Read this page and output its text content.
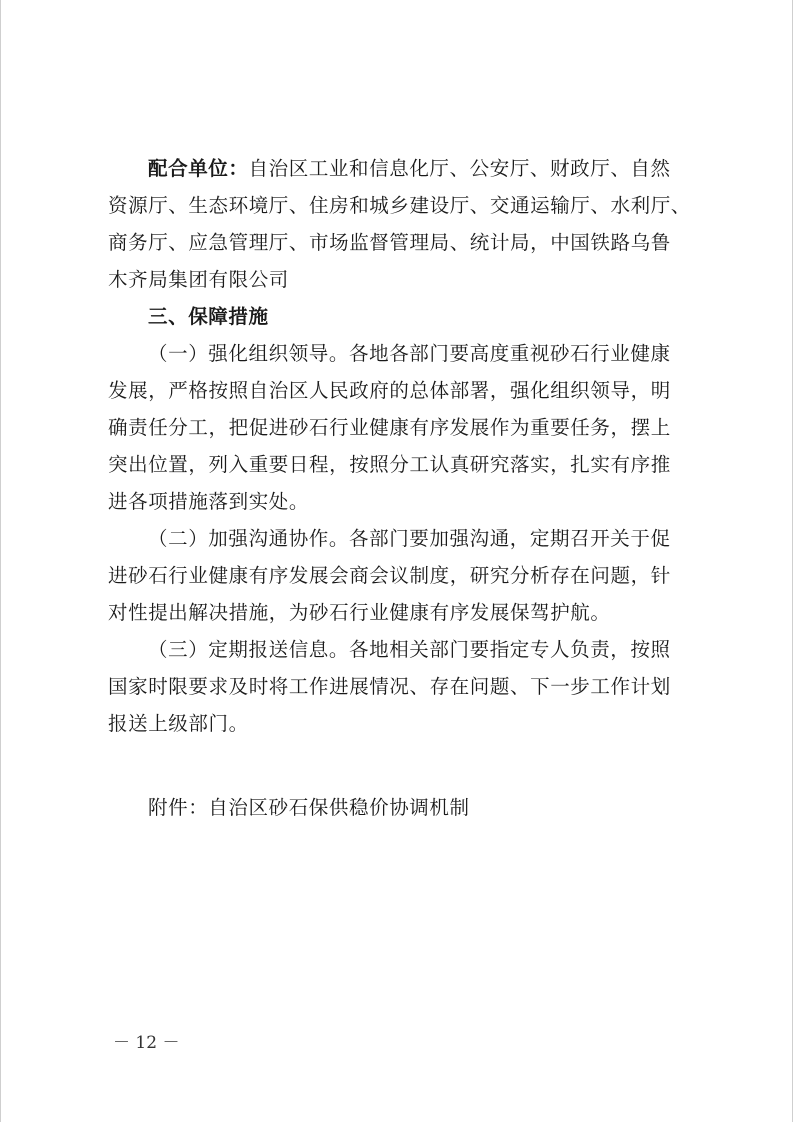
配合单位：自治区工业和信息化厅、公安厅、财政厅、自然
资源厅、生态环境厅、住房和城乡建设厅、交通运输厅、水利厅、
商务厅、应急管理厅、市场监督管理局、统计局，中国铁路乌鲁
木齐局集团有限公司
三、保障措施
（一）强化组织领导。各地各部门要高度重视砂石行业健康
发展，严格按照自治区人民政府的总体部署，强化组织领导，明
确责任分工，把促进砂石行业健康有序发展作为重要任务，摆上
突出位置，列入重要日程，按照分工认真研究落实，扎实有序推
进各项措施落到实处。
（二）加强沟通协作。各部门要加强沟通，定期召开关于促
进砂石行业健康有序发展会商会议制度，研究分析存在问题，针
对性提出解决措施，为砂石行业健康有序发展保驾护航。
（三）定期报送信息。各地相关部门要指定专人负责，按照
国家时限要求及时将工作进展情况、存在问题、下一步工作计划
报送上级部门。
附件：自治区砂石保供稳价协调机制
－ 12 －
